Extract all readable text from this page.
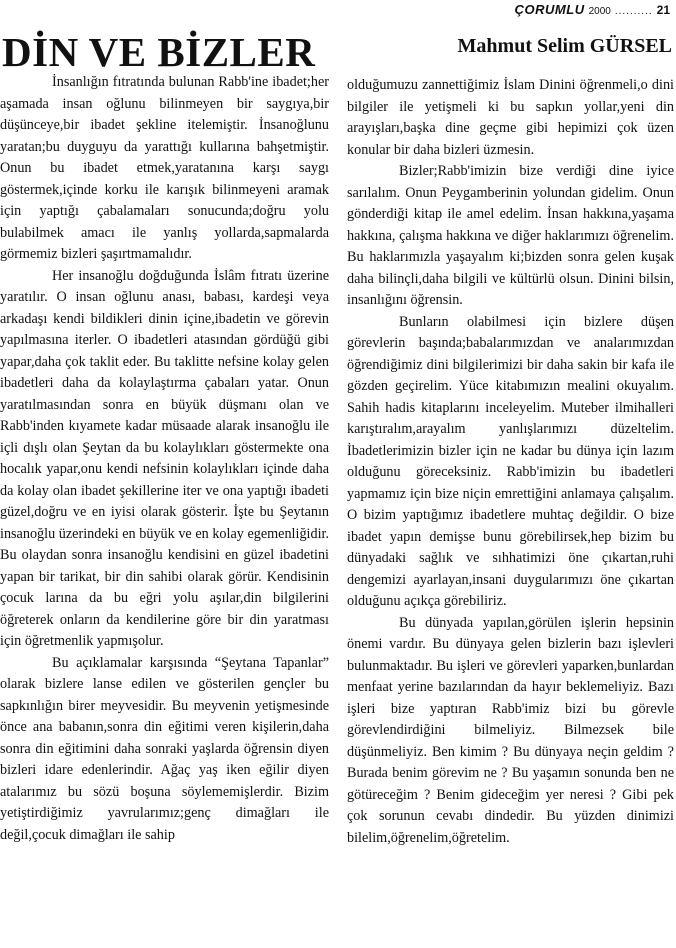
ÇORUMLU 2000 .......... 21
DİN VE BİZLER	Mahmut Selim GÜRSEL

İnsanlığın fıtratında bulunan Rabb'ine ibadet;her aşamada insan oğlunu bilinmeyen bir saygıya,bir düşünceye,bir ibadet şekline itelemiştir. İnsanoğlunu yaratan;bu duyguyu da yarattığı kullarına bahşetmiştir. Onun bu ibadet etmek,yaratanına karşı saygı göstermek,içinde korku ile karışık bilinmeyeni aramak için yaptığı çabalamaları sonucunda;doğru yolu bulabilmek amacı ile yanlış yollarda,sapmalarda görmemiz bizleri şaşırtmamalıdır.

Her insanoğlu doğduğunda İslâm fıtratı üzerine yaratılır. O insan oğlunu anası, babası, kardeşi veya arkadaşı kendi bildikleri dinin içine,ibadetin ve görevin yapılmasına iterler. O ibadetleri atasından gördüğü gibi yapar,daha çok taklit eder. Bu taklitte nefsine kolay gelen ibadetleri daha da kolaylaştırma çabaları yatar. Onun yaratılmasından sonra en büyük düşmanı olan ve Rabb'inden kıyamete kadar müsaade alarak insanoğlu ile içli dışlı olan Şeytan da bu kolaylıkları göstermekte ona hocalık yapar,onu kendi nefsinin kolaylıkları içinde daha da kolay olan ibadet şekillerine iter ve ona yaptığı ibadeti güzel,doğru ve en iyisi olarak gösterir. İşte bu Şeytanın insanoğlu üzerindeki en büyük ve en kolay egemenliğidir. Bu olaydan sonra insanoğlu kendisini en güzel ibadetini yapan bir tarikat, bir din sahibi olarak görür. Kendisinin çocuk larına da bu eğri yolu aşılar,din bilgilerini öğreterek onların da kendilerine göre bir din yaratması için öğretmenlik yapmışolur.

Bu açıklamalar karşısında “Şeytana Tapanlar” olarak bizlere lanse edilen ve gösterilen gençler bu sapkınlığın birer meyvesidir. Bu meyvenin yetişmesinde önce ana babanın,sonra din eğitimi veren kişilerin,daha sonra din eğitimini daha sonraki yaşlarda öğrensin diyen bizleri idare edenlerindir. Ağaç yaş iken eğilir diyen atalarımız bu sözü boşuna söylememişlerdir. Bizim yetiştirdiğimiz yavrularımız;genç dimağları ile değil,çocuk dimağları ile sahip

olduğumuzu zannettiğimiz İslam Dinini öğrenmeli,o dini bilgiler ile yetişmeli ki bu sapkın yollar,yeni din arayışları,başka dine geçme gibi hepimizi çok üzen konular bir daha bizleri üzmesin.

Bizler;Rabb'imizin bize verdiği dine iyice sarılalım. Onun Peygamberinin yolundan gidelim. Onun gönderdiği kitap ile amel edelim. İnsan hakkına,yaşama hakkına, çalışma hakkına ve diğer haklarımızı öğrenelim. Bu haklarımızla yaşayalım ki;bizden sonra gelen kuşak daha bilinçli,daha bilgili ve kültürlü olsun. Dinini bilsin, insanlığını öğrensin.

Bunların olabilmesi için bizlere düşen görevlerin başında;babalarımızdan ve analarımızdan öğrendiğimiz dini bilgilerimizi bir daha sakin bir kafa ile gözden geçirelim. Yüce kitabımızın mealini okuyalım. Sahih hadis kitaplarını inceleyelim. Muteber ilmihalleri karıştıralım,arayalım yanlışlarımızı düzeltelim. İbadetlerimizin bizler için ne kadar bu dünya için lazım olduğunu göreceksiniz. Rabb'imizin bu ibadetleri yapmamız için bize niçin emrettiğini anlamaya çalışalım. O bizim yaptığımız ibadetlere muhtaç değildir. O bize ibadet yapın demişse bunu görebilirsek,hep bizim bu dünyadaki sağlık ve sıhhatimizi öne çıkartan,ruhi dengemizi ayarlayan,insani duygularımızı öne çıkartan olduğunu açıkça görebiliriz.

Bu dünyada yapılan,görülen işlerin hepsinin önemi vardır. Bu dünyaya gelen bizlerin bazı işlevleri bulunmaktadır. Bu işleri ve görevleri yaparken,bunlardan menfaat yerine bazılarından da hayır beklemeliyiz. Bazı işleri bize yaptıran Rabb'imiz bizi bu görevle görevlendirdiğini bilmeliyiz. Bilmezsek bile düşünmeliyiz. Ben kimim ? Bu dünyaya neçin geldim ? Burada benim görevim ne ? Bu yaşamın sonunda ben ne götüreceğim ? Benim gideceğim yer neresi ? Gibi pek çok sorunun cevabı dindedir. Bu yüzden dinimizi bilelim,öğrenelim,öğretelim.
